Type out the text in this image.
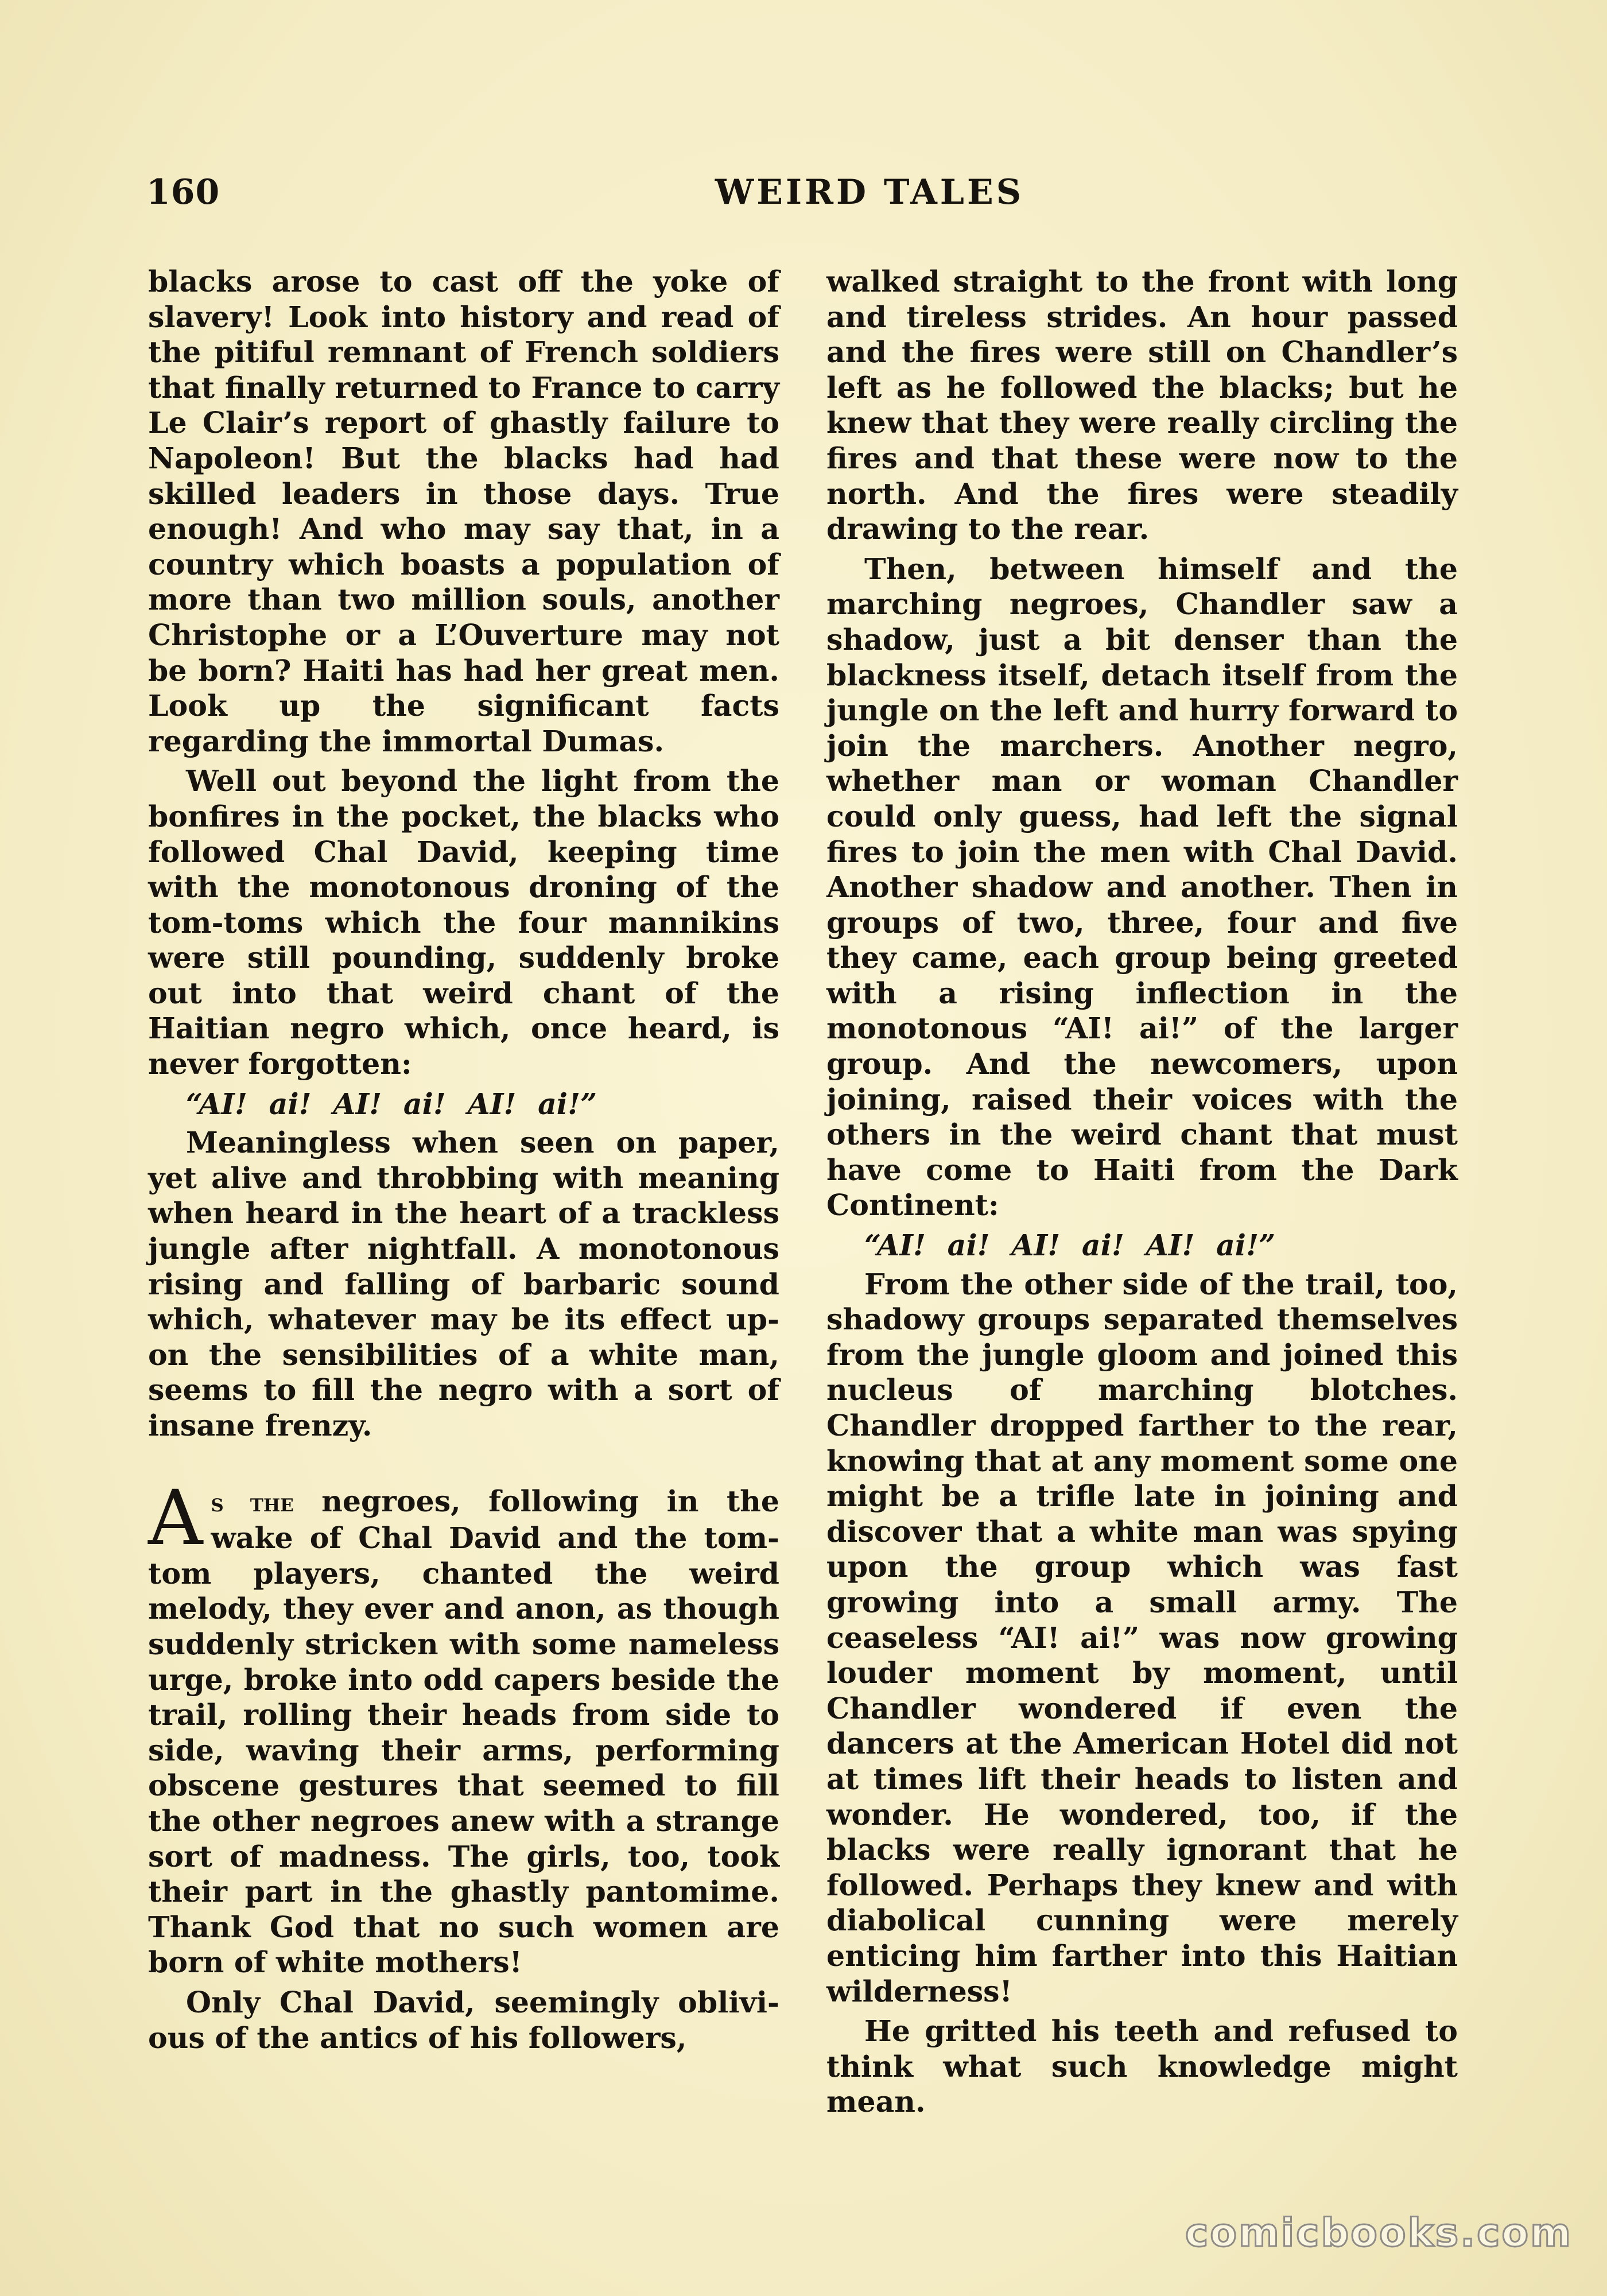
160	WEIRD TALES

blacks arose to cast off the yoke of slavery! Look into history and read of the pitiful remnant of French soldiers that finally returned to France to carry Le Clair’s report of ghastly failure to Napoleon! But the blacks had had skilled leaders in those days. True enough! And who may say that, in a country which boasts a population of more than two million souls, another Christophe or a L’Ouverture may not be born? Haiti has had her great men. Look up the significant facts regarding the immortal Dumas.

Well out beyond the light from the bonfires in the pocket, the blacks who followed Chal David, keeping time with the monotonous droning of the tom-toms which the four mannikins were still pounding, suddenly broke out into that weird chant of the Haitian negro which, once heard, is never forgotten:

“AI! ai! AI! ai! AI! ai!”

Meaningless when seen on paper, yet alive and throbbing with meaning when heard in the heart of a trackless jungle after nightfall. A monotonous rising and falling of barbaric sound which, whatever may be its effect upon the sensibilities of a white man, seems to fill the negro with a sort of insane frenzy.

As the negroes, following in the wake of Chal David and the tom-tom players, chanted the weird melody, they ever and anon, as though suddenly stricken with some nameless urge, broke into odd capers beside the trail, rolling their heads from side to side, waving their arms, performing obscene gestures that seemed to fill the other negroes anew with a strange sort of madness. The girls, too, took their part in the ghastly pantomime. Thank God that no such women are born of white mothers!

Only Chal David, seemingly oblivious of the antics of his followers,

walked straight to the front with long and tireless strides. An hour passed and the fires were still on Chandler’s left as he followed the blacks; but he knew that they were really circling the fires and that these were now to the north. And the fires were steadily drawing to the rear.

Then, between himself and the marching negroes, Chandler saw a shadow, just a bit denser than the blackness itself, detach itself from the jungle on the left and hurry forward to join the marchers. Another negro, whether man or woman Chandler could only guess, had left the signal fires to join the men with Chal David. Another shadow and another. Then in groups of two, three, four and five they came, each group being greeted with a rising inflection in the monotonous “AI! ai!” of the larger group. And the newcomers, upon joining, raised their voices with the others in the weird chant that must have come to Haiti from the Dark Continent:

“AI! ai! AI! ai! AI! ai!”

From the other side of the trail, too, shadowy groups separated themselves from the jungle gloom and joined this nucleus of marching blotches. Chandler dropped farther to the rear, knowing that at any moment some one might be a trifle late in joining and discover that a white man was spying upon the group which was fast growing into a small army. The ceaseless “AI! ai!” was now growing louder moment by moment, until Chandler wondered if even the dancers at the American Hotel did not at times lift their heads to listen and wonder. He wondered, too, if the blacks were really ignorant that he followed. Perhaps they knew and with diabolical cunning were merely enticing him farther into this Haitian wilderness!

He gritted his teeth and refused to think what such knowledge might mean.

comicbooks.com
